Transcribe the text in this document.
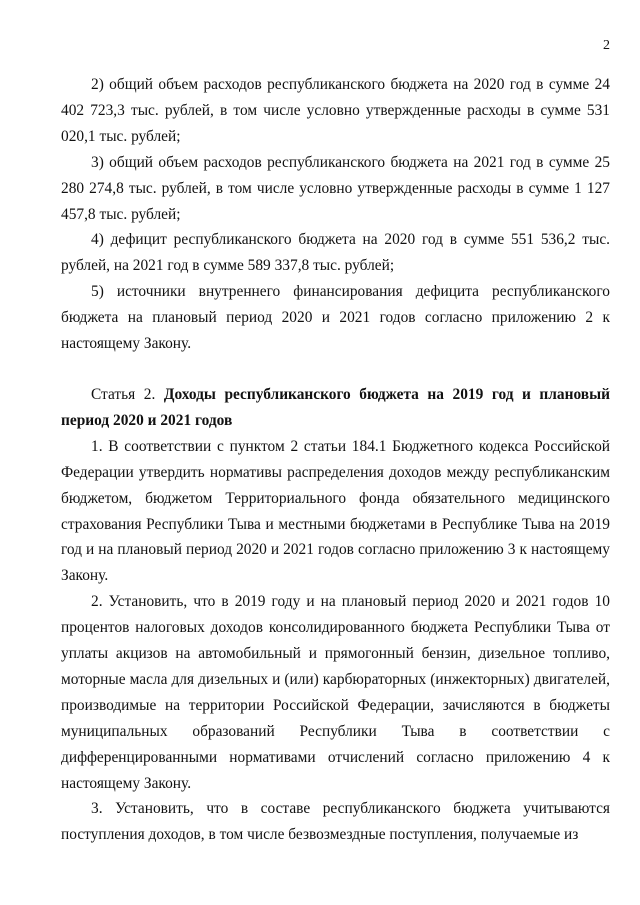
2

2) общий объем расходов республиканского бюджета на 2020 год в сумме 24 402 723,3 тыс. рублей, в том числе условно утвержденные расходы в сумме 531 020,1 тыс. рублей;

3) общий объем расходов республиканского бюджета на 2021 год в сумме 25 280 274,8 тыс. рублей, в том числе условно утвержденные расходы в сумме 1 127 457,8 тыс. рублей;

4) дефицит республиканского бюджета на 2020 год в сумме 551 536,2 тыс. рублей, на 2021 год в сумме 589 337,8 тыс. рублей;

5) источники внутреннего финансирования дефицита республиканского бюджета на плановый период 2020 и 2021 годов согласно приложению 2 к настоящему Закону.

Статья 2. Доходы республиканского бюджета на 2019 год и плановый период 2020 и 2021 годов

1. В соответствии с пунктом 2 статьи 184.1 Бюджетного кодекса Российской Федерации утвердить нормативы распределения доходов между республиканским бюджетом, бюджетом Территориального фонда обязательного медицинского страхования Республики Тыва и местными бюджетами в Республике Тыва на 2019 год и на плановый период 2020 и 2021 годов согласно приложению 3 к настоящему Закону.

2. Установить, что в 2019 году и на плановый период 2020 и 2021 годов 10 процентов налоговых доходов консолидированного бюджета Республики Тыва от уплаты акцизов на автомобильный и прямогонный бензин, дизельное топливо, моторные масла для дизельных и (или) карбюраторных (инжекторных) двигателей, производимые на территории Российской Федерации, зачисляются в бюджеты муниципальных образований Республики Тыва в соответствии с дифференцированными нормативами отчислений согласно приложению 4 к настоящему Закону.

3. Установить, что в составе республиканского бюджета учитываются поступления доходов, в том числе безвозмездные поступления, получаемые из
